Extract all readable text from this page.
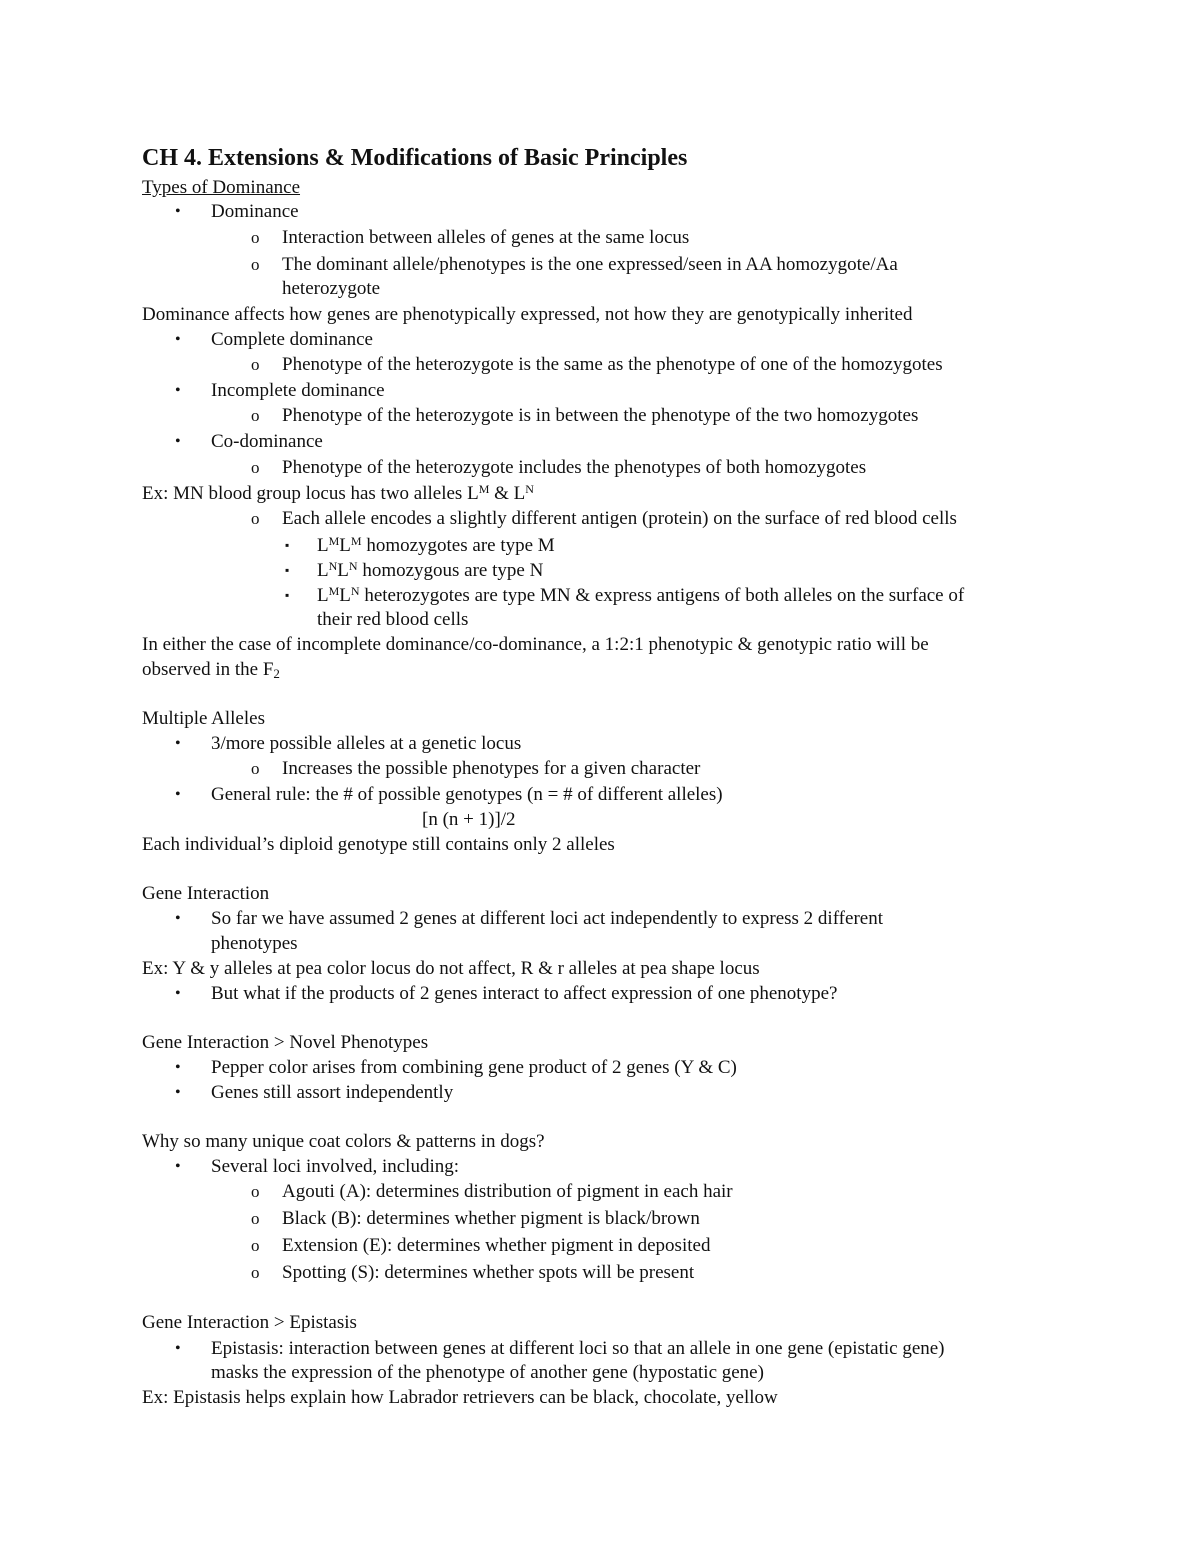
CH 4. Extensions & Modifications of Basic Principles
Types of Dominance
• Dominance
o Interaction between alleles of genes at the same locus
o The dominant allele/phenotypes is the one expressed/seen in AA homozygote/Aa
heterozygote
Dominance affects how genes are phenotypically expressed, not how they are genotypically inherited
• Complete dominance
o Phenotype of the heterozygote is the same as the phenotype of one of the homozygotes
• Incomplete dominance
o Phenotype of the heterozygote is in between the phenotype of the two homozygotes
• Co-dominance
o Phenotype of the heterozygote includes the phenotypes of both homozygotes
Ex: MN blood group locus has two alleles $L^M$ & $L^N$
o Each allele encodes a slightly different antigen (protein) on the surface of red blood cells
▪ $L^ML^M$ homozygotes are type M
▪ $L^NL^N$ homozygous are type N
▪ $L^ML^N$ heterozygotes are type MN & express antigens of both alleles on the surface of
their red blood cells
In either the case of incomplete dominance/co-dominance, a 1:2:1 phenotypic & genotypic ratio will be
observed in the $F_2$
Multiple Alleles
• 3/more possible alleles at a genetic locus
o Increases the possible phenotypes for a given character
• General rule: the # of possible genotypes (n = # of different alleles)
[n (n + 1)]/2
Each individual’s diploid genotype still contains only 2 alleles
Gene Interaction
• So far we have assumed 2 genes at different loci act independently to express 2 different
phenotypes
Ex: Y & y alleles at pea color locus do not affect, R & r alleles at pea shape locus
• But what if the products of 2 genes interact to affect expression of one phenotype?
Gene Interaction > Novel Phenotypes
• Pepper color arises from combining gene product of 2 genes (Y & C)
• Genes still assort independently
Why so many unique coat colors & patterns in dogs?
• Several loci involved, including:
o Agouti (A): determines distribution of pigment in each hair
o Black (B): determines whether pigment is black/brown
o Extension (E): determines whether pigment in deposited
o Spotting (S): determines whether spots will be present
Gene Interaction > Epistasis
• Epistasis: interaction between genes at different loci so that an allele in one gene (epistatic gene)
masks the expression of the phenotype of another gene (hypostatic gene)
Ex: Epistasis helps explain how Labrador retrievers can be black, chocolate, yellow
